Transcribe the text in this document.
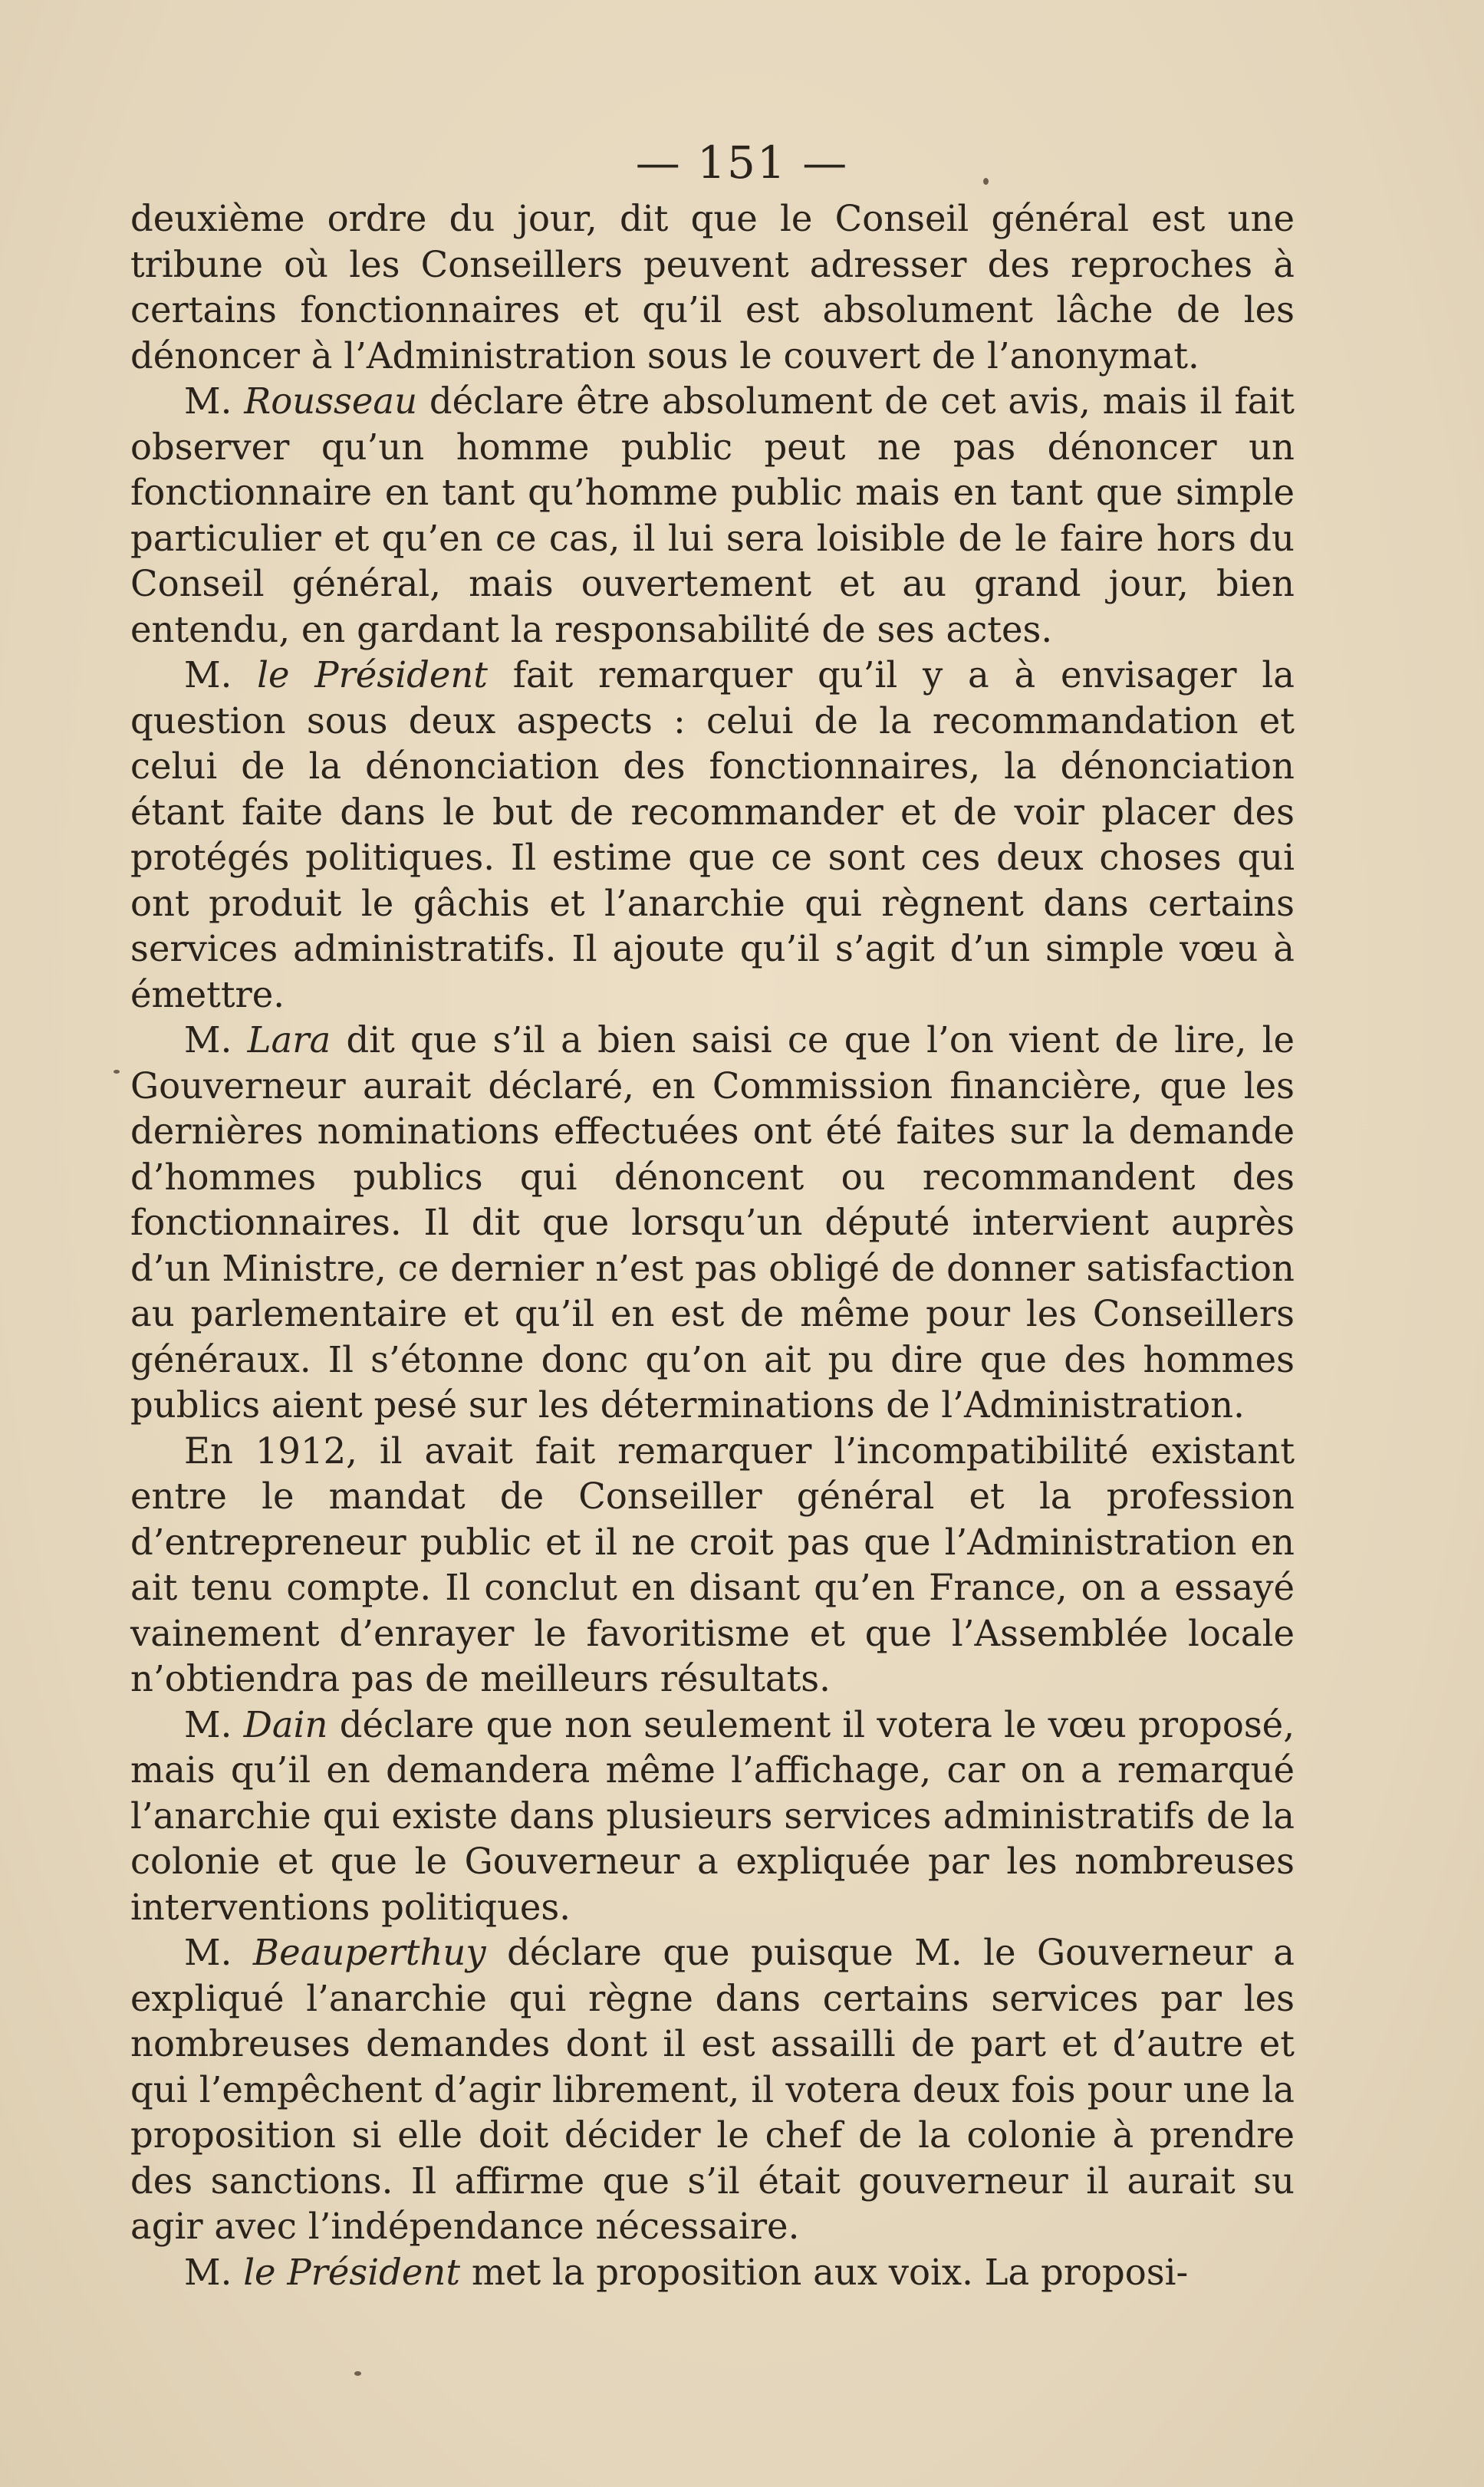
— 151 —

deuxième ordre du jour, dit que le Conseil général est une tribune où les Conseillers peuvent adresser des reproches à certains fonctionnaires et qu’il est absolument lâche de les dénoncer à l’Administration sous le couvert de l’anonymat.

M. Rousseau déclare être absolument de cet avis, mais il fait observer qu’un homme public peut ne pas dénoncer un fonctionnaire en tant qu’homme public mais en tant que simple particulier et qu’en ce cas, il lui sera loisible de le faire hors du Conseil général, mais ouvertement et au grand jour, bien entendu, en gardant la responsabilité de ses actes.

M. le Président fait remarquer qu’il y a à envisager la question sous deux aspects : celui de la recommandation et celui de la dénonciation des fonctionnaires, la dénonciation étant faite dans le but de recommander et de voir placer des protégés politiques. Il estime que ce sont ces deux choses qui ont produit le gâchis et l’anarchie qui règnent dans certains services administratifs. Il ajoute qu’il s’agit d’un simple vœu à émettre.

M. Lara dit que s’il a bien saisi ce que l’on vient de lire, le Gouverneur aurait déclaré, en Commission financière, que les dernières nominations effectuées ont été faites sur la demande d’hommes publics qui dénoncent ou recommandent des fonctionnaires. Il dit que lorsqu’un député intervient auprès d’un Ministre, ce dernier n’est pas obligé de donner satisfaction au parlementaire et qu’il en est de même pour les Conseillers généraux. Il s’étonne donc qu’on ait pu dire que des hommes publics aient pesé sur les déterminations de l’Administration.

En 1912, il avait fait remarquer l’incompatibilité existant entre le mandat de Conseiller général et la profession d’entrepreneur public et il ne croit pas que l’Administration en ait tenu compte. Il conclut en disant qu’en France, on a essayé vainement d’enrayer le favoritisme et que l’Assemblée locale n’obtiendra pas de meilleurs résultats.

M. Dain déclare que non seulement il votera le vœu proposé, mais qu’il en demandera même l’affichage, car on a remarqué l’anarchie qui existe dans plusieurs services administratifs de la colonie et que le Gouverneur a expliquée par les nombreuses interventions politiques.

M. Beauperthuy déclare que puisque M. le Gouverneur a expliqué l’anarchie qui règne dans certains services par les nombreuses demandes dont il est assailli de part et d’autre et qui l’empêchent d’agir librement, il votera deux fois pour une la proposition si elle doit décider le chef de la colonie à prendre des sanctions. Il affirme que s’il était gouverneur il aurait su agir avec l’indépendance nécessaire.

M. le Président met la proposition aux voix. La proposi-
